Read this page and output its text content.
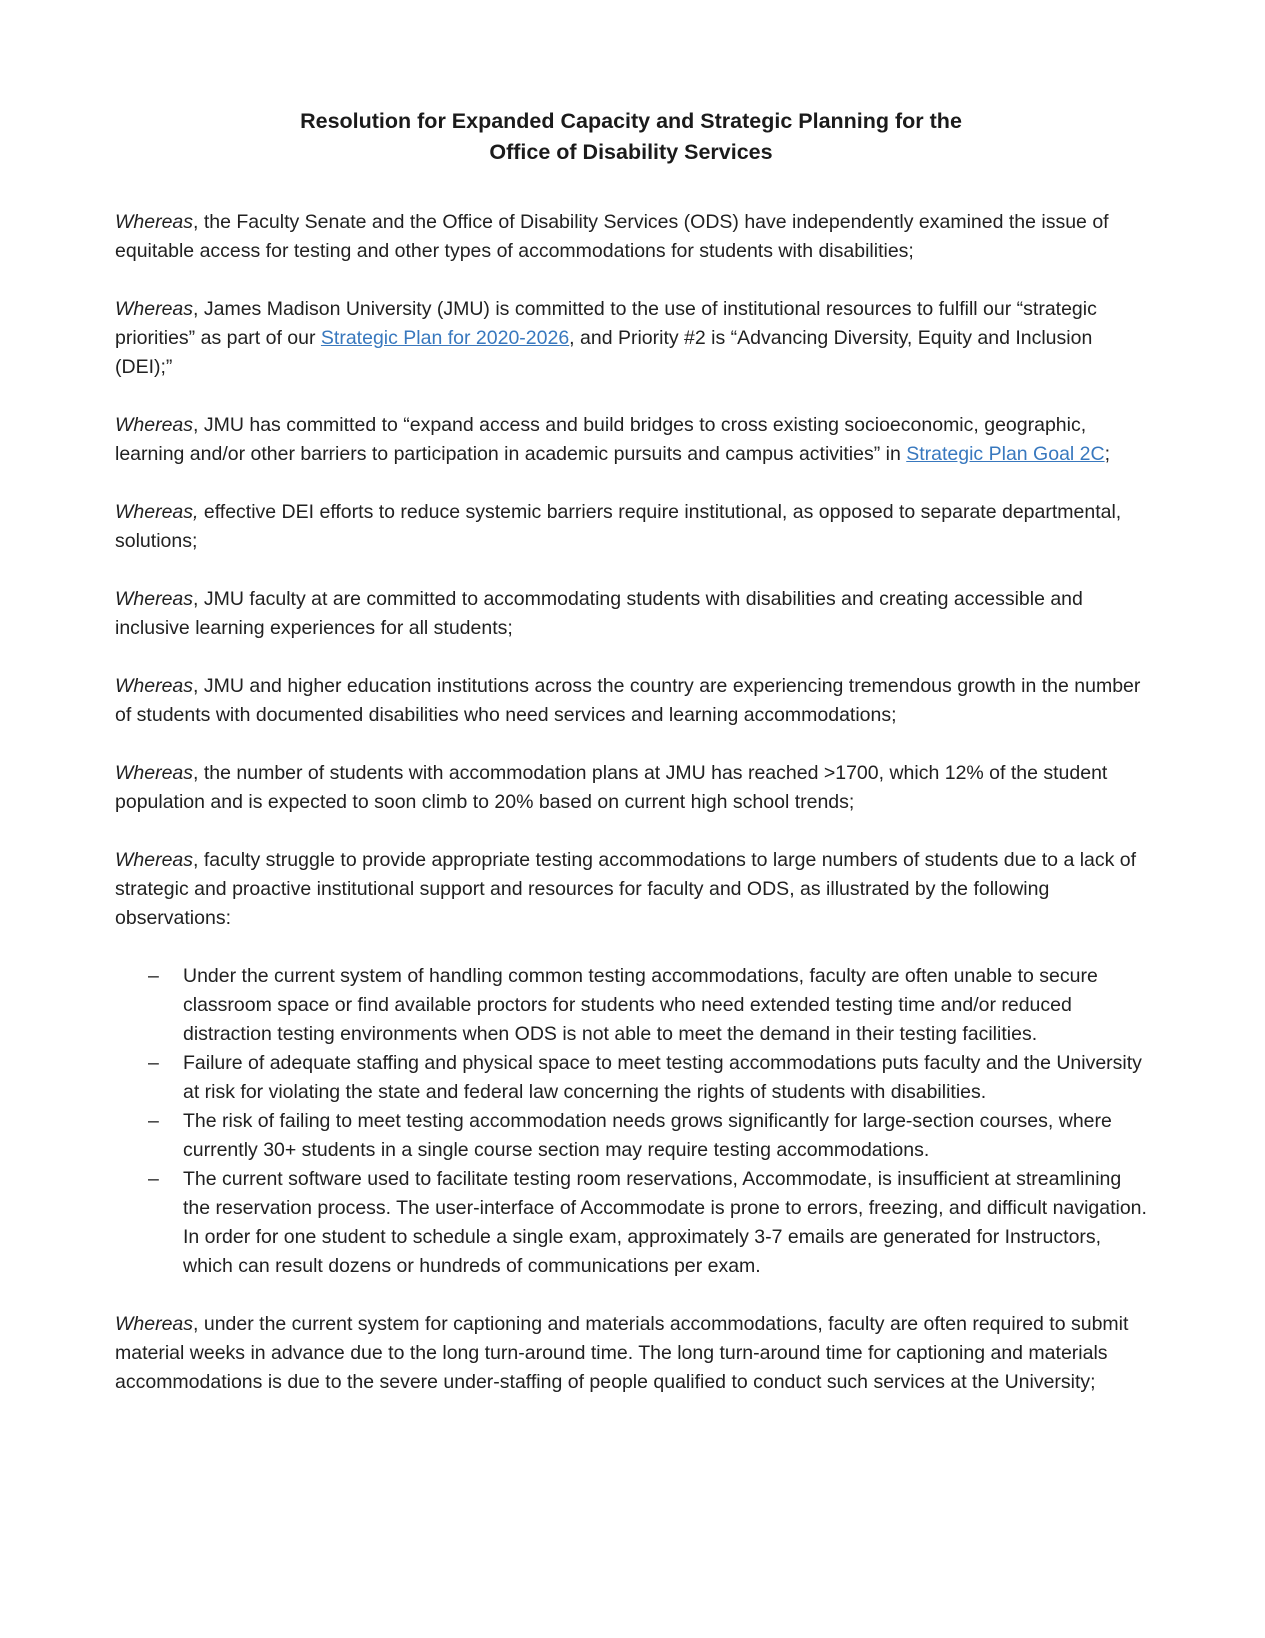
Resolution for Expanded Capacity and Strategic Planning for the
Office of Disability Services

Whereas, the Faculty Senate and the Office of Disability Services (ODS) have independently examined the issue of equitable access for testing and other types of accommodations for students with disabilities;

Whereas, James Madison University (JMU) is committed to the use of institutional resources to fulfill our “strategic priorities” as part of our Strategic Plan for 2020-2026, and Priority #2 is “Advancing Diversity, Equity and Inclusion (DEI);”

Whereas, JMU has committed to “expand access and build bridges to cross existing socioeconomic, geographic, learning and/or other barriers to participation in academic pursuits and campus activities” in Strategic Plan Goal 2C;

Whereas, effective DEI efforts to reduce systemic barriers require institutional, as opposed to separate departmental, solutions;

Whereas, JMU faculty at are committed to accommodating students with disabilities and creating accessible and inclusive learning experiences for all students;

Whereas, JMU and higher education institutions across the country are experiencing tremendous growth in the number of students with documented disabilities who need services and learning accommodations;

Whereas, the number of students with accommodation plans at JMU has reached >1700, which 12% of the student population and is expected to soon climb to 20% based on current high school trends;

Whereas, faculty struggle to provide appropriate testing accommodations to large numbers of students due to a lack of strategic and proactive institutional support and resources for faculty and ODS, as illustrated by the following observations:

–	Under the current system of handling common testing accommodations, faculty are often unable to secure classroom space or find available proctors for students who need extended testing time and/or reduced distraction testing environments when ODS is not able to meet the demand in their testing facilities.
–	Failure of adequate staffing and physical space to meet testing accommodations puts faculty and the University at risk for violating the state and federal law concerning the rights of students with disabilities.
–	The risk of failing to meet testing accommodation needs grows significantly for large-section courses, where currently 30+ students in a single course section may require testing accommodations.
–	The current software used to facilitate testing room reservations, Accommodate, is insufficient at streamlining the reservation process. The user-interface of Accommodate is prone to errors, freezing, and difficult navigation. In order for one student to schedule a single exam, approximately 3-7 emails are generated for Instructors, which can result dozens or hundreds of communications per exam.

Whereas, under the current system for captioning and materials accommodations, faculty are often required to submit material weeks in advance due to the long turn-around time. The long turn-around time for captioning and materials accommodations is due to the severe under-staffing of people qualified to conduct such services at the University;
